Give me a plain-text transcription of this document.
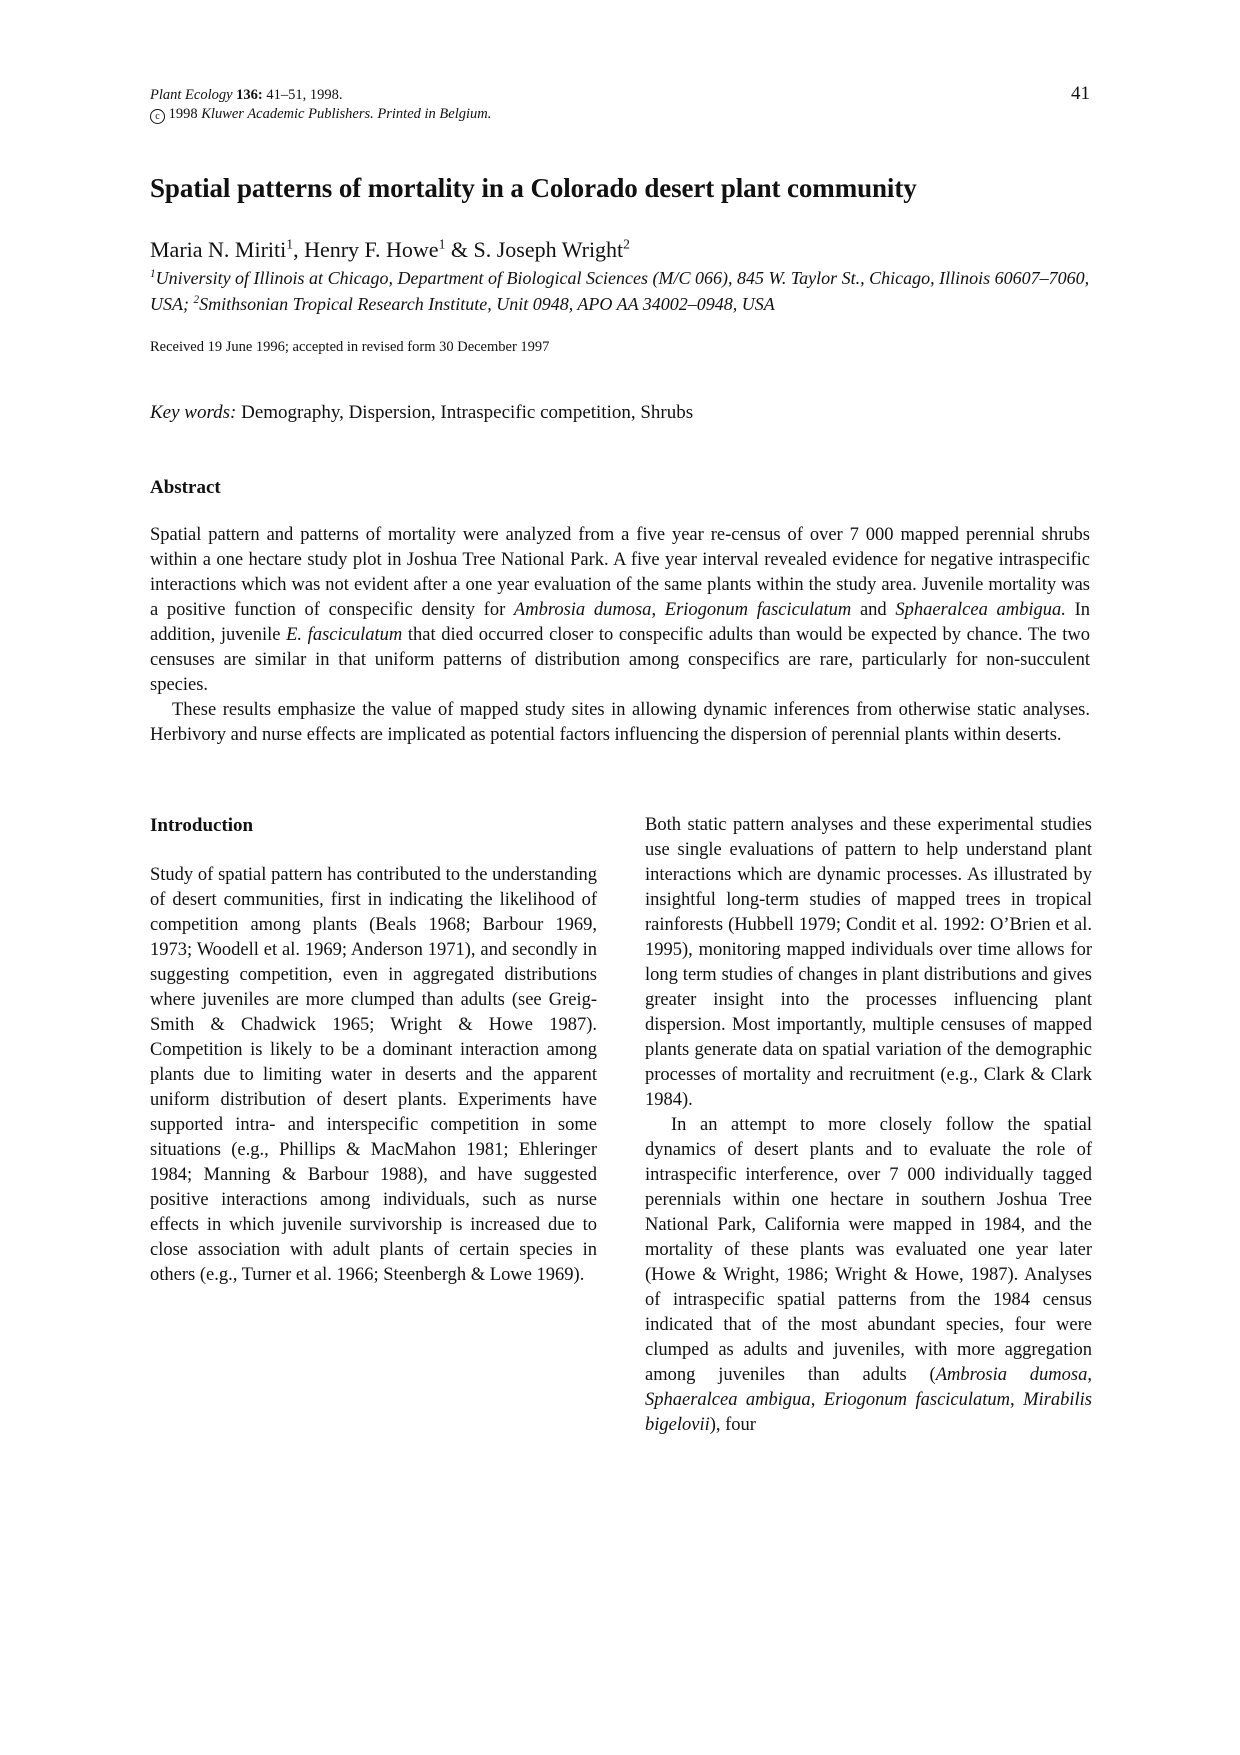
Plant Ecology 136: 41–51, 1998.
c 1998 Kluwer Academic Publishers. Printed in Belgium.
41
Spatial patterns of mortality in a Colorado desert plant community
Maria N. Miriti$^1$, Henry F. Howe$^1$ & S. Joseph Wright$^2$
$^1$University of Illinois at Chicago, Department of Biological Sciences (M/C 066), 845 W. Taylor St., Chicago, Illinois 60607–7060, USA; $^2$Smithsonian Tropical Research Institute, Unit 0948, APO AA 34002–0948, USA
Received 19 June 1996; accepted in revised form 30 December 1997
Key words: Demography, Dispersion, Intraspecific competition, Shrubs
Abstract

Spatial pattern and patterns of mortality were analyzed from a five year re-census of over 7 000 mapped perennial shrubs within a one hectare study plot in Joshua Tree National Park. A five year interval revealed evidence for negative intraspecific interactions which was not evident after a one year evaluation of the same plants within the study area. Juvenile mortality was a positive function of conspecific density for Ambrosia dumosa, Eriogonum fasciculatum and Sphaeralcea ambigua. In addition, juvenile E. fasciculatum that died occurred closer to conspecific adults than would be expected by chance. The two censuses are similar in that uniform patterns of distribution among conspecifics are rare, particularly for non-succulent species.

These results emphasize the value of mapped study sites in allowing dynamic inferences from otherwise static analyses. Herbivory and nurse effects are implicated as potential factors influencing the dispersion of perennial plants within deserts.

Introduction

Study of spatial pattern has contributed to the understanding of desert communities, first in indicating the likelihood of competition among plants (Beals 1968; Barbour 1969, 1973; Woodell et al. 1969; Anderson 1971), and secondly in suggesting competition, even in aggregated distributions where juveniles are more clumped than adults (see Greig-Smith & Chadwick 1965; Wright & Howe 1987). Competition is likely to be a dominant interaction among plants due to limiting water in deserts and the apparent uniform distribution of desert plants. Experiments have supported intra- and interspecific competition in some situations (e.g., Phillips & MacMahon 1981; Ehleringer 1984; Manning & Barbour 1988), and have suggested positive interactions among individuals, such as nurse effects in which juvenile survivorship is increased due to close association with adult plants of certain species in others (e.g., Turner et al. 1966; Steenbergh & Lowe 1969).

Both static pattern analyses and these experimental studies use single evaluations of pattern to help understand plant interactions which are dynamic processes. As illustrated by insightful long-term studies of mapped trees in tropical rainforests (Hubbell 1979; Condit et al. 1992: O’Brien et al. 1995), monitoring mapped individuals over time allows for long term studies of changes in plant distributions and gives greater insight into the processes influencing plant dispersion. Most importantly, multiple censuses of mapped plants generate data on spatial variation of the demographic processes of mortality and recruitment (e.g., Clark & Clark 1984).

In an attempt to more closely follow the spatial dynamics of desert plants and to evaluate the role of intraspecific interference, over 7 000 individually tagged perennials within one hectare in southern Joshua Tree National Park, California were mapped in 1984, and the mortality of these plants was evaluated one year later (Howe & Wright, 1986; Wright & Howe, 1987). Analyses of intraspecific spatial patterns from the 1984 census indicated that of the most abundant species, four were clumped as adults and juveniles, with more aggregation among juveniles than adults (Ambrosia dumosa, Sphaeralcea ambigua, Eriogonum fasciculatum, Mirabilis bigelovii), four
